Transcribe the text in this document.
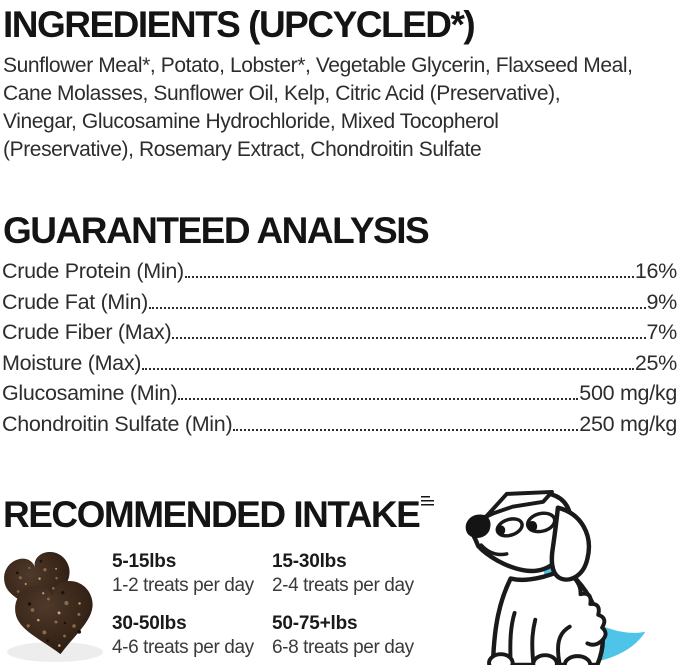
INGREDIENTS (UPCYCLED*)
Sunflower Meal*, Potato, Lobster*, Vegetable Glycerin, Flaxseed Meal,
Cane Molasses, Sunflower Oil, Kelp, Citric Acid (Preservative),
Vinegar, Glucosamine Hydrochloride, Mixed Tocopherol
(Preservative), Rosemary Extract, Chondroitin Sulfate
GUARANTEED ANALYSIS
Crude Protein (Min)	16%
Crude Fat (Min)	9%
Crude Fiber (Max)	7%
Moisture (Max)	25%
Glucosamine (Min)	500 mg/kg
Chondroitin Sulfate (Min)	250 mg/kg
RECOMMENDED INTAKE
5-15lbs
1-2 treats per day
15-30lbs
2-4 treats per day
30-50lbs
4-6 treats per day
50-75+lbs
6-8 treats per day
